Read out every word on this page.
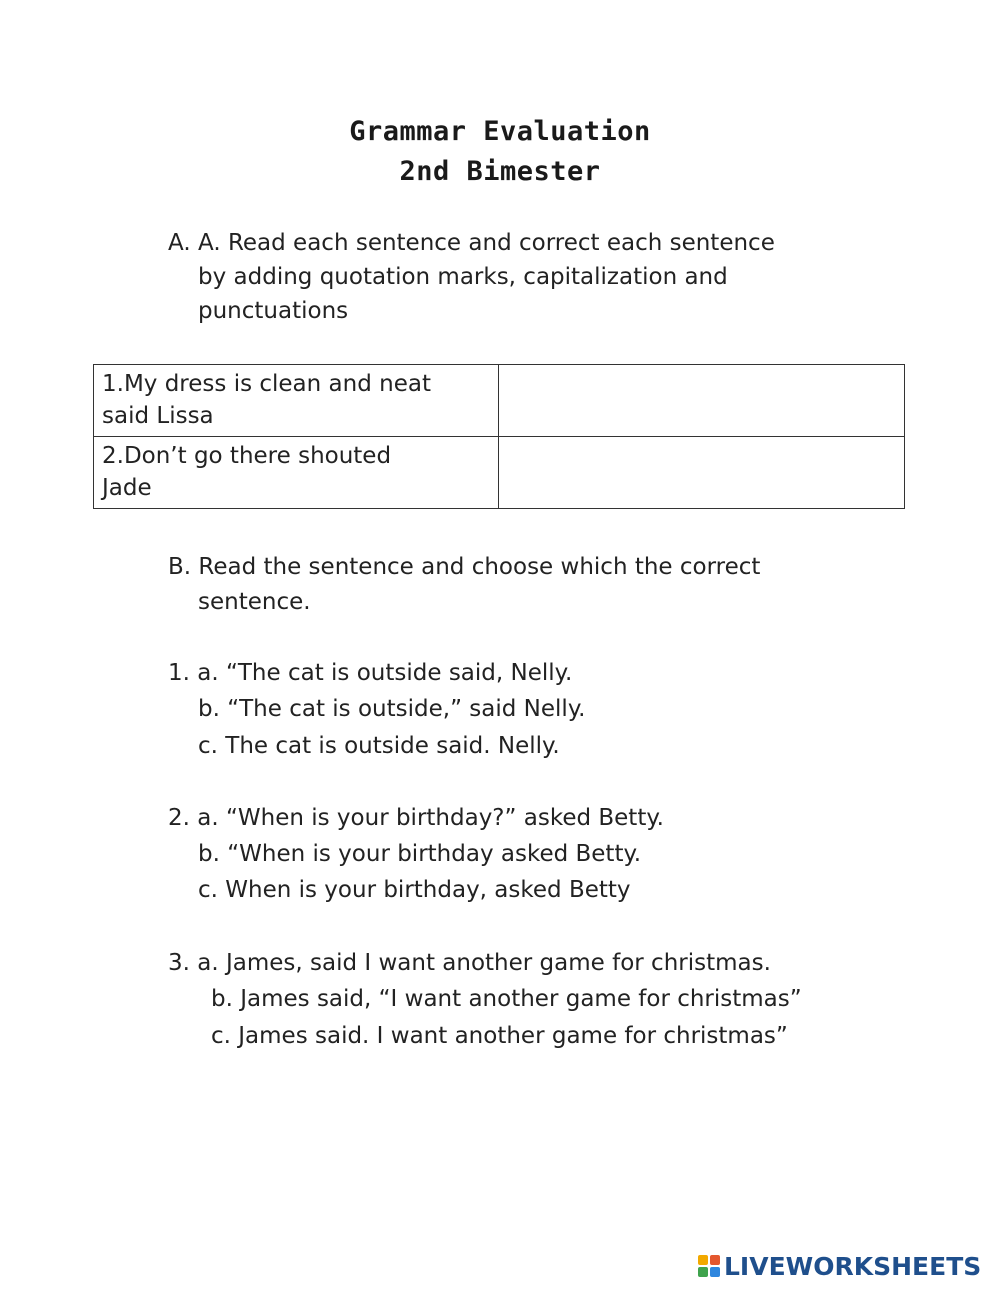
Grammar Evaluation
2nd Bimester
A. A. Read each sentence and correct each sentence
by adding quotation marks, capitalization and
punctuations
1.My dress is clean and neat
said Lissa	

2.Don’t go there shouted
Jade	

B. Read the sentence and choose which the correct
sentence.
1. a. “The cat is outside said, Nelly.
b. “The cat is outside,” said Nelly.
c. The cat is outside said. Nelly.
2. a. “When is your birthday?” asked Betty.
b. “When is your birthday asked Betty.
c. When is your birthday, asked Betty
3. a. James, said I want another game for christmas.
b. James said, “I want another game for christmas”
c. James said. I want another game for christmas”
LIVEWORKSHEETS
